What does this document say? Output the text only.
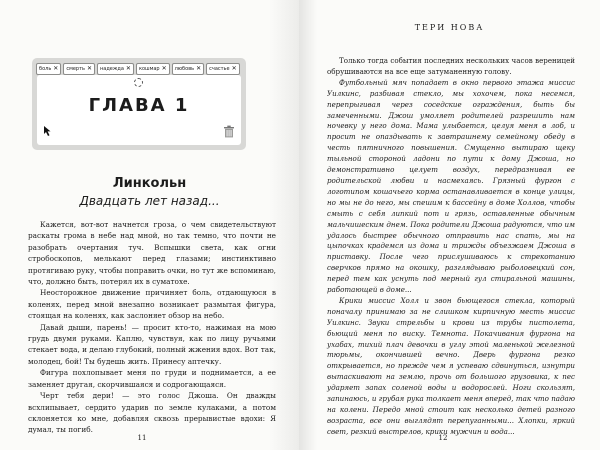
боль ✕ смерть ✕ надежда ✕ кошмар ✕ любовь ✕ счастье ✕
ГЛАВА 1
Линкольн
Двадцать лет назад...

Кажется, вот-вот начнется гроза, о чем свидетельствуют раскаты грома в небе над мной, но так темно, что почти не разобрать очертания туч. Вспышки света, как огни стробоскопов, мелькают перед глазами; инстинктивно протягиваю руку, чтобы поправить очки, но тут же вспоминаю, что, должно быть, потерял их в суматохе.

Неосторожное движение причиняет боль, отдающуюся в коленях, перед мной внезапно возникает размытая фигура, стоящая на коленях, как заслоняет обзор на небо.

Давай дыши, парень! — просит кто-то, нажимая на мою грудь двумя руками. Каплю, чувствуя, как по лицу ручьями стекает вода, и делаю глубокий, полный жжения вдох. Вот так, молодец, бой! Ты будешь жить. Принесу аптечку.

Фигура похлопывает меня по груди и поднимается, а ее заменяет другая, скорчившаяся и содрогающаяся.

Черт тебя дери! — это голос Джоша. Он дважды всхлипывает, сердито ударив по земле кулаками, а потом склоняется ко мне, добавляя сквозь прерывистые вдохи: Я думал, ты погиб.

11
ТЕРИ НОВА

Только тогда события последних нескольких часов вереницей обрушиваются на все еще затуманенную голову.

Футбольный мяч попадает в окно первого этажа миссис Уилкинс, разбивая стекло, мы хохочем, пока несемся, перепрыгивая через соседские ограждения, быть бы замеченными. Джош умоляет родителей разрешить нам ночевку у него дома. Мама улыбается, целуя меня в лоб, и просит не опаздывать к завтрашнему семейному обеду в честь пятничного повышения. Смущенно вытираю щеку тыльной стороной ладони по пути к дому Джоша, но демонстративно целует воздух, передразнивая ее родительской любви и насмехаясь. Грязный фургон с логотипом кошачьего корма останавливается в конце улицы, но мы не до него, мы спешим к бассейну в доме Холлов, чтобы смыть с себя липкий пот и грязь, оставленные обычным мальчишеским днем. Пока родители Джоша радуются, что им удалось быстрее обычного отправить нас спать, мы на цыпочках крадемся из дома и трижды объезжаем Джоша в приставку. После чего прислушиваюсь к стрекотанию сверчков прямо на окошку, разглядываю рыболовецкий сон, перед тем как уснуть под мерный гул стиральной машины, работающей в доме...

Крики миссис Холл и звон бьющегося стекла, который поначалу принимаю за не слишком кирпичную месть миссис Уилкинс. Звуки стрельбы и крови из трубы пистолета, бьющий меня по виску. Темнота. Покачивания фургона на ухабах, тихий плач девочки в углу этой маленькой железной тюрьмы, окончившей вечно. Дверь фургона резко открывается, но прежде чем я успеваю сдвинуться, изнутри вытаскивают на землю, прочь от большого грузовика, к пес ударяет запах соленой воды и водорослей. Ноги скользят, запинаюсь, и грубая рука толкает меня вперед, так что падаю на колени. Передо мной стоит как несколько детей разного возраста, все они выглядят перепуганными... Хлопки, яркий свет, резкий выстрелов, крики мужчин и вода...

12
